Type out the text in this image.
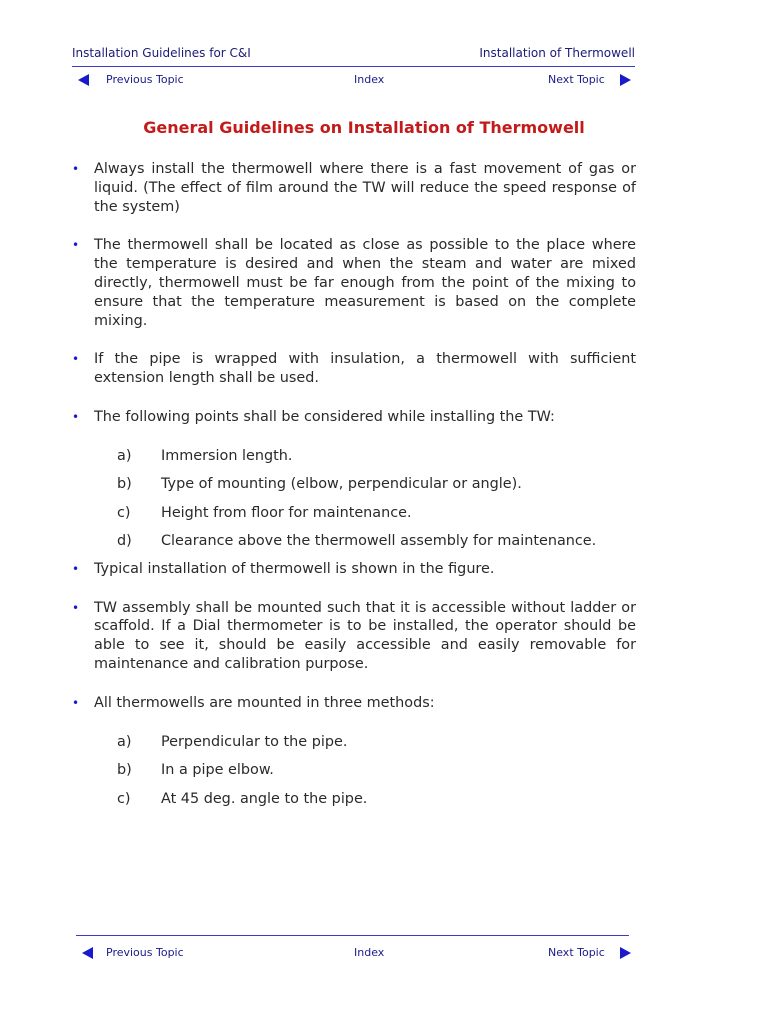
Installation Guidelines for C&I	Installation of Thermowell
Previous Topic	Index	Next Topic
General Guidelines on Installation of Thermowell
• Always install the thermowell where there is a fast movement of gas or liquid. (The effect of film around the TW will reduce the speed response of the system)
• The thermowell shall be located as close as possible to the place where the temperature is desired and when the steam and water are mixed directly, thermowell must be far enough from the point of the mixing to ensure that the temperature measurement is based on the complete mixing.
• If the pipe is wrapped with insulation, a thermowell with sufficient extension length shall be used.
• The following points shall be considered while installing the TW:
a) Immersion length.
b) Type of mounting (elbow, perpendicular or angle).
c) Height from floor for maintenance.
d) Clearance above the thermowell assembly for maintenance.
• Typical installation of thermowell is shown in the figure.
• TW assembly shall be mounted such that it is accessible without ladder or scaffold. If a Dial thermometer is to be installed, the operator should be able to see it, should be easily accessible and easily removable for maintenance and calibration purpose.
• All thermowells are mounted in three methods:
a) Perpendicular to the pipe.
b) In a pipe elbow.
c) At 45 deg. angle to the pipe.
Previous Topic	Index	Next Topic
